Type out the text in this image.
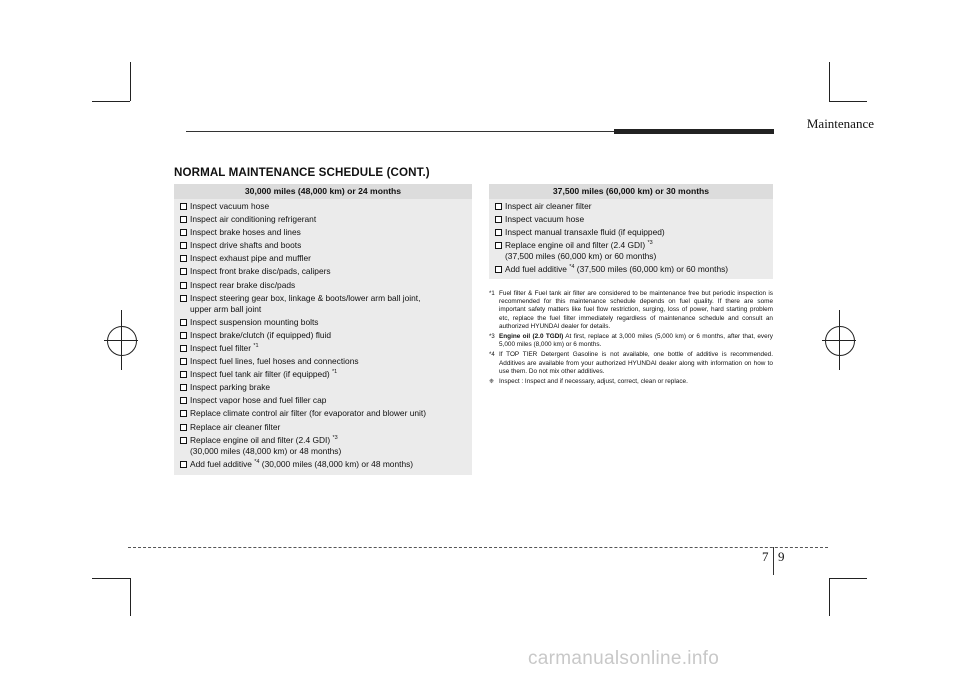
Maintenance
NORMAL MAINTENANCE SCHEDULE (CONT.)
30,000 miles (48,000 km) or 24 months
Inspect vacuum hose
Inspect air conditioning refrigerant
Inspect brake hoses and lines
Inspect drive shafts and boots
Inspect exhaust pipe and muffler
Inspect front brake disc/pads, calipers
Inspect rear brake disc/pads
Inspect steering gear box, linkage & boots/lower arm ball joint,
upper arm ball joint
Inspect suspension mounting bolts
Inspect brake/clutch (if equipped) fluid
Inspect fuel filter $^{*1}$
Inspect fuel lines, fuel hoses and connections
Inspect fuel tank air filter (if equipped) $^{*1}$
Inspect parking brake
Inspect vapor hose and fuel filler cap
Replace climate control air filter (for evaporator and blower unit)
Replace air cleaner filter
Replace engine oil and filter (2.4 GDI) $^{*3}$
(30,000 miles (48,000 km) or 48 months)
Add fuel additive $^{*4}$ (30,000 miles (48,000 km) or 48 months)
37,500 miles (60,000 km) or 30 months
Inspect air cleaner filter
Inspect vacuum hose
Inspect manual transaxle fluid (if equipped)
Replace engine oil and filter (2.4 GDI) $^{*3}$
(37,500 miles (60,000 km) or 60 months)
Add fuel additive $^{*4}$ (37,500 miles (60,000 km) or 60 months)
*1 Fuel filter & Fuel tank air filter are considered to be maintenance free but periodic inspection is recommended for this maintenance schedule depends on fuel quality. If there are some important safety matters like fuel flow restriction, surging, loss of power, hard starting problem etc, replace the fuel filter immediately regardless of maintenance schedule and consult an authorized HYUNDAI dealer for details.
*3 Engine oil (2.0 TGDI) At first, replace at 3,000 miles (5,000 km) or 6 months, after that, every 5,000 miles (8,000 km) or 6 months.
*4 If TOP TIER Detergent Gasoline is not available, one bottle of additive is recommended. Additives are available from your authorized HYUNDAI dealer along with information on how to use them. Do not mix other additives.
❈ Inspect : Inspect and if necessary, adjust, correct, clean or replace.
7 9
carmanualsonline.info
